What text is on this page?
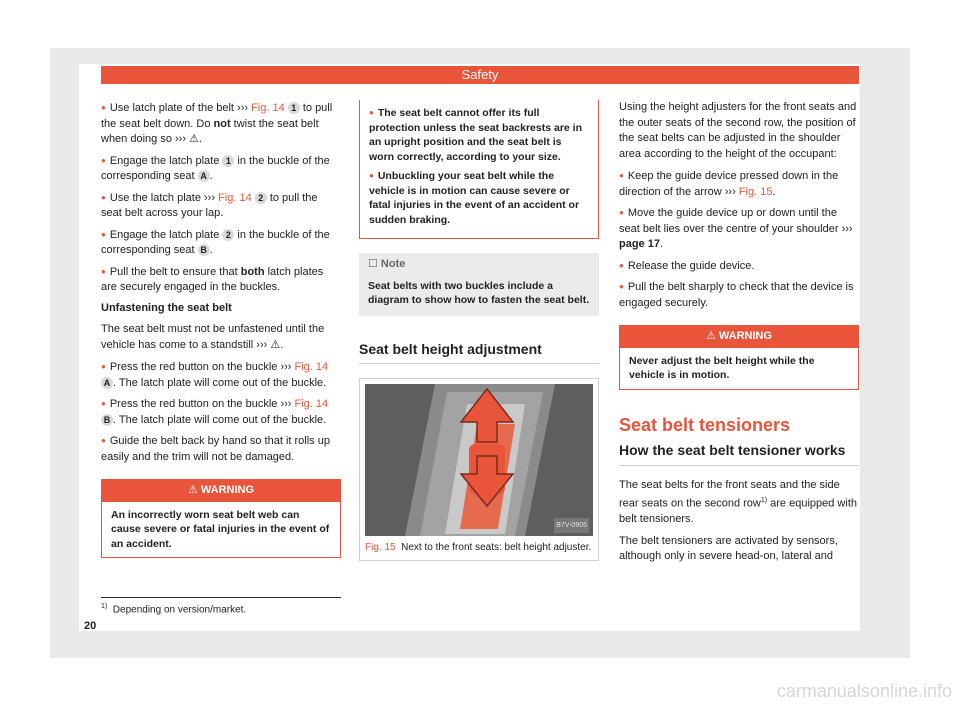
Safety
● Use latch plate of the belt ››› Fig. 14 1 to pull the seat belt down. Do not twist the seat belt when doing so ››› ⚠.
● Engage the latch plate 1 in the buckle of the corresponding seat A .
● Use the latch plate ››› Fig. 14 2 to pull the seat belt across your lap.
● Engage the latch plate 2 in the buckle of the corresponding seat B .
● Pull the belt to ensure that both latch plates are securely engaged in the buckles.
Unfastening the seat belt
The seat belt must not be unfastened until the vehicle has come to a standstill ››› ⚠.
● Press the red button on the buckle ››› Fig. 14 A . The latch plate will come out of the buckle.
● Press the red button on the buckle ››› Fig. 14 B . The latch plate will come out of the buckle.
● Guide the belt back by hand so that it rolls up easily and the trim will not be damaged.
⚠ WARNING
An incorrectly worn seat belt web can cause severe or fatal injuries in the event of an accident.
● The seat belt cannot offer its full protection unless the seat backrests are in an upright position and the seat belt is worn correctly, according to your size.
● Unbuckling your seat belt while the vehicle is in motion can cause severe or fatal injuries in the event of an accident or sudden braking.
☐ Note
Seat belts with two buckles include a diagram to show how to fasten the seat belt.
Seat belt height adjustment
B7V-0906
Fig. 15 Next to the front seats: belt height adjuster.
Using the height adjusters for the front seats and the outer seats of the second row, the position of the seat belts can be adjusted in the shoulder area according to the height of the occupant:
● Keep the guide device pressed down in the direction of the arrow ››› Fig. 15.
● Move the guide device up or down until the seat belt lies over the centre of your shoulder ››› page 17.
● Release the guide device.
● Pull the belt sharply to check that the device is engaged securely.
⚠ WARNING
Never adjust the belt height while the vehicle is in motion.
Seat belt tensioners
How the seat belt tensioner works
The seat belts for the front seats and the side rear seats on the second row$^{1)}$ are equipped with belt tensioners.
The belt tensioners are activated by sensors, although only in severe head-on, lateral and
$^{1)}$ Depending on version/market.
20
carmanualsonline.info
